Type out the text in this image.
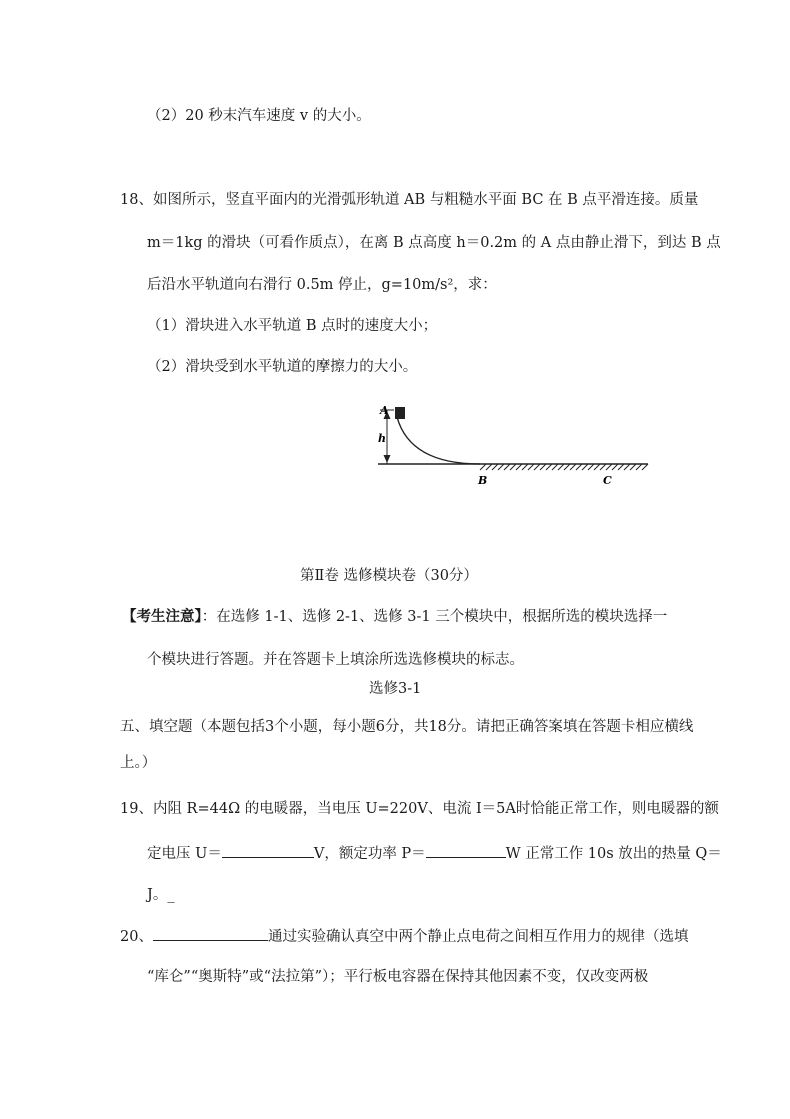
（2）20 秒末汽车速度 v 的大小。
18、如图所示，竖直平面内的光滑弧形轨道 AB 与粗糙水平面 BC 在 B 点平滑连接。质量
m＝1kg 的滑块（可看作质点），在离 B 点高度 h＝0.2m 的 A 点由静止滑下，到达 B 点
后沿水平轨道向右滑行 0.5m 停止，g=10m/s²，求：
（1）滑块进入水平轨道 B 点时的速度大小；
（2）滑块受到水平轨道的摩擦力的大小。
A
h
B	C
第Ⅱ卷 选修模块卷（30分）
【考生注意】：在选修 1-1、选修 2-1、选修 3-1 三个模块中，根据所选的模块选择一
个模块进行答题。并在答题卡上填涂所选选修模块的标志。
选修3-1
五、填空题（本题包括3个小题，每小题6分，共18分。请把正确答案填在答题卡相应横线
上。）
19、内阻 R=44Ω 的电暖器，当电压 U=220V、电流 I＝5A时恰能正常工作，则电暖器的额
定电压 U＝	V，额定功率 P＝	W 正常工作 10s 放出的热量 Q＝
J。_
20、	通过实验确认真空中两个静止点电荷之间相互作用力的规律（选填
“库仑”“奥斯特”或“法拉第”）；平行板电容器在保持其他因素不变，仅改变两极
